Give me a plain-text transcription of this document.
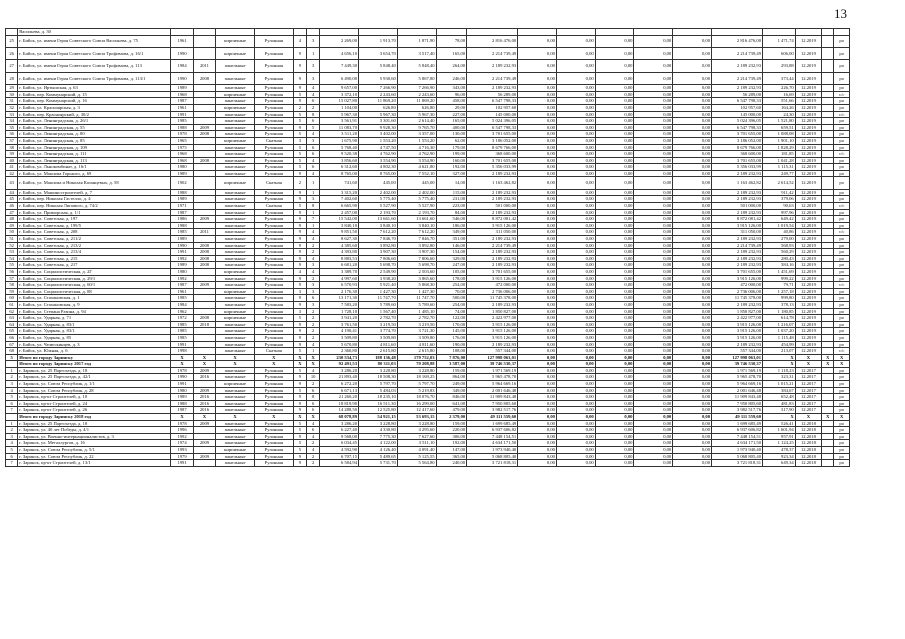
13
	Васильева, д. 30																					
25	г. Бийск, ул. имени Героя Советского Союза Васильева, д. 75	1961		кирпичные	Рулонная	4	3	2 269,00	1 913,70	1 871,90	78,00	2 816 476,00	0,00	0,00	0,00	0,00	0,00	2 816 476,00	1 471,74	12.2019		ро
26	г. Бийск, ул. имени Героя Советского Союза Трофимова, д. 16/1	1990		кирпичные	Рулонная	9	1	4 656,10	3 654,70	3 517,40	165,00	2 214 739,49	0,00	0,00	0,00	0,00	0,00	2 214 739,49	606,00	12.2019		ро
27	г. Бийск, ул. имени Героя Советского Союза Трофимова, д. 113	1984	2011	панельные	Рулонная	9	3	7 449,30	5 848,40	5 848,40	264,00	2 189 232,93	0,00	0,00	0,00	0,00	0,00	2 189 232,93	293,88	12.2019		ро
28	г. Бийск, ул. имени Героя Советского Союза Трофимова, д. 113/1	1990	2008	панельные	Рулонная	9	3	6 490,00	5 930,60	5 867,80	246,00	2 214 739,49	0,00	0,00	0,00	0,00	0,00	2 214 739,49	373,44	12.2019		ро
29	г. Бийск, ул. Иртышская, д. 63	1989		панельные	Рулонная	9	4	9 657,00	7 266,90	7 266,90	343,00	2 189 232,93	0,00	0,00	0,00	0,00	0,00	2 189 232,93	226,70	12.2019		ро
30	г. Бийск, пер. Коммунарский, д. 15	1968		кирпичные	Рулонная	5	4	3 372,10	2 243,60	2 243,60	96,00	56 289,00	0,00	0,00	0,00	0,00	0,00	56 289,00	16,69	12.2019		с/с
31	г. Бийск, пер. Коммунарский, д. 16	1987		панельные	Рулонная	9	6	15 027,80	11 869,20	11 869,20	458,00	6 547 798,33	0,00	0,00	0,00	0,00	0,00	6 547 798,33	551,66	12.2019		ро
32	г. Бийск, ул. Красноярская, д. 3	1961		кирпичные	Рулонная	2	2	1 104,00	626,80	626,80	29,00	102 957,60	0,00	0,00	0,00	0,00	0,00	102 957,60	164,26	12.2019		ро
33	г. Бийск, пер. Красноярский, д. 30/2	1991		панельные	Рулонная	5	8	5 967,30	5 967,30	5 967,30	227,00	145 000,00	0,00	0,00	0,00	0,00	0,00	145 000,00	24,30	12.2019		с/с
34	г. Бийск, ул. Ленинградская, д. 26/1	1985		панельные	Рулонная	5	6	3 561,91	3 301,60	2 614,40	165,00	5 024 396,05	0,00	0,00	0,00	0,00	0,00	5 024 396,05	1 521,80	12.2019		ро
35	г. Бийск, ул. Ленинградская, д. 55	1988	2009	панельные	Рулонная	9	5	11 083,70	9 928,30	9 765,70	400,00	6 547 798,33	0,00	0,00	0,00	0,00	0,00	6 547 798,33	659,51	12.2019		ро
36	г. Бийск, ул. Ленинградская, д. 80	1978	2008	панельные	Рулонная	5	4	3 511,20	3 402,00	3 357,00	130,00	3 701 655,00	0,00	0,00	0,00	0,00	0,00	3 701 655,00	1 088,08	12.2019		ро
37	г. Бийск, ул. Ленинградская, д. 85	1965		кирпичные	Скатная	3	3	1 675,90	1 553,20	1 553,20	62,00	3 186 052,00	0,00	0,00	0,00	0,00	0,00	3 186 052,00	1 901,10	12.2019		ро
38	г. Бийск, ул. Ленинградская, д. 109	1975		панельные	Рулонная	5	6	5 768,40	4 747,50	4 716,30	179,00	8 679 766,00	0,00	0,00	0,00	0,00	0,00	8 679 766,00	1 828,29	12.2019		ро
39	г. Бийск, ул. Ленинградская, д. 111	1968		панельные	Рулонная	5	6	9 520,38	4 762,90	4 762,90	199,00	368 600,00	0,00	0,00	0,00	0,00	0,00	368 600,00	181,85	12.2019		с/с
40	г. Бийск, ул. Ленинградская, д. 113	1968	2008	панельные	Рулонная	5	4	3 856,60	3 554,90	3 554,90	160,00	3 701 655,00	0,00	0,00	0,00	0,00	0,00	3 701 655,00	1 041,28	12.2019		ро
41	г. Бийск, ул. Льнокомбинат, д. 16/1	1980		панельные	Рулонная	5	6	6 312,60	4 802,30	4 621,80	192,00	5 356 033,99	0,00	0,00	0,00	0,00	0,00	5 356 033,99	1 115,31	12.2019		ро
42	г. Бийск, ул. Максима Горького, д. 69	1989		панельные	Рулонная	9	4	8 765,00	8 765,00	7 552,10	327,00	2 189 232,93	0,00	0,00	0,00	0,00	0,00	2 189 232,93	249,77	12.2019		ро
43	г. Бийск, ул. Максима и Николая Казанцевых, д. 58	1902		кирпичные	Скатная	2	1	741,60	445,00	445,00	14,00	1 163 462,82	0,00	0,00	0,00	0,00	0,00	1 163 462,82	2 614,52	12.2019		ро
44	г. Бийск, ул. Машиностроителей, д. 7	1988		панельные	Рулонная	9	1	3 315,20	2 402,00	2 402,00	115,00	2 189 232,93	0,00	0,00	0,00	0,00	0,00	2 189 232,93	911,42	12.2019		ро
45	г. Бийск, пер. Николая Гастелло, д. 4	1989		панельные	Рулонная	9	3	7 402,60	5 775,40	5 775,40	231,00	2 189 232,93	0,00	0,00	0,00	0,00	0,00	2 189 232,93	379,06	12.2019		ро
46	г. Бийск, пер. Николая Липового, д. 74/2	1971		панельные	Скатная	5	8	6 665,90	5 527,90	5 527,90	223,00	501 000,00	0,00	0,00	0,00	0,00	0,00	501 000,00	90,63	12.2019		с/с
47	г. Бийск, ул. Приморская, д. 1/1	1987		панельные	Рулонная	9	1	2 457,00	2 193,70	2 193,70	84,00	2 189 232,93	0,00	0,00	0,00	0,00	0,00	2 189 232,93	997,96	12.2019		ро
48	г. Бийск, ул. Советская, д. 197	1986	2009	панельные	Рулонная	9	7	15 542,00	13 661,60	13 661,60	546,00	8 872 081,42	0,00	0,00	0,00	0,00	0,00	8 872 081,42	649,42	12.2019		ро
49	г. Бийск, ул. Советская, д. 199/5	1988		панельные	Рулонная	9	1	3 840,10	3 840,10	3 840,10	186,00	3 915 126,00	0,00	0,00	0,00	0,00	0,00	3 915 126,00	1 019,54	12.2019		ро
50	г. Бийск, ул. Советская, д. 208	1985	2011	панельные	Рулонная	9	4	9 851,50	7 612,20	7 612,20	349,00	311 050,00	0,00	0,00	0,00	0,00	0,00	311 050,00	40,86	12.2019		с/с
51	г. Бийск, ул. Советская, д. 211/2	1989		панельные	Рулонная	9	4	8 627,30	7 846,70	7 846,70	351,00	2 189 232,93	0,00	0,00	0,00	0,00	0,00	2 189 232,93	279,00	12.2019		ро
52	г. Бийск, ул. Советская, д. 213/2	1990	2008	панельные	Рулонная	9	2	4 385,60	3 892,80	3 892,80	146,00	2 214 739,49	0,00	0,00	0,00	0,00	0,00	2 214 739,49	568,93	12.2019		ро
53	г. Бийск, ул. Советская, д. 213/4	1991	2008	панельные	Рулонная	9	2	4 393,80	3 907,30	3 907,30	154,00	2 189 232,93	0,00	0,00	0,00	0,00	0,00	2 189 232,93	560,29	12.2019		ро
54	г. Бийск, ул. Советская, д. 215	1992	2008	панельные	Рулонная	9	4	8 883,53	7 806,60	7 806,60	329,00	2 189 232,93	0,00	0,00	0,00	0,00	0,00	2 189 232,93	280,43	12.2019		ро
55	г. Бийск, ул. Советская, д. 217	1989	2008	панельные	Рулонная	9	3	6 681,20	5 698,70	5 698,70	247,00	2 189 232,93	0,00	0,00	0,00	0,00	0,00	2 189 232,93	384,16	12.2019		ро
56	г. Бийск, ул. Социалистическая, д. 2Г	1980		кирпичные	Рулонная	4	4	3 389,70	2 549,90	2 503,60	105,00	3 701 655,00	0,00	0,00	0,00	0,00	0,00	3 701 655,00	1 451,69	12.2019		ро
57	г. Бийск, ул. Социалистическая, д. 29/1	1992		панельные	Рулонная	9	2	4 997,60	3 938,20	3 865,60	178,00	3 915 126,00	0,00	0,00	0,00	0,00	0,00	3 915 126,00	999,22	12.2019		ро
58	г. Бийск, ул. Социалистическая, д. 60/1	1987	2009	панельные	Рулонная	9	3	6 570,93	5 921,40	5 868,30	254,00	472 000,00	0,00	0,00	0,00	0,00	0,00	472 000,00	79,71	12.2019		с/с
59	г. Бийск, ул. Социалистическая, д. 88	1961		кирпичные	Рулонная	3	3	2 176,30	1 427,30	1 427,30	70,00	2 736 006,00	0,00	0,00	0,00	0,00	0,00	2 736 006,00	1 257,18	12.2019		ро
60	г. Бийск, ул. Стахановская, д. 1	1985		панельные	Рулонная	9	6	13 171,30	11 747,70	11 747,70	500,00	11 745 378,00	0,00	0,00	0,00	0,00	0,00	11 745 378,00	999,80	12.2019		ро
61	г. Бийск, ул. Стахановская, д. 9	1984		панельные	Рулонная	9	3	7 583,20	5 789,60	5 789,60	254,00	2 189 232,93	0,00	0,00	0,00	0,00	0,00	2 189 232,93	378,13	12.2019		ро
62	г. Бийск, ул. Степана Разина, д. 94	1962		кирпичные	Рулонная	3	2	1 728,10	1 567,40	1 485,10	74,00	1 850 827,00	0,00	0,00	0,00	0,00	0,00	1 850 827,00	1 180,85	12.2019		ро
63	г. Бийск, ул. Ударная, д. 71	1972	2008	кирпичные	Рулонная	5	2	3 941,20	2 782,70	2 782,70	122,00	2 422 977,00	0,00	0,00	0,00	0,00	0,00	2 422 977,00	614,78	12.2019		ро
64	г. Бийск, ул. Ударная, д. 83/1	1985	2018	панельные	Рулонная	9	2	3 761,50	3 219,50	3 219,50	170,00	3 915 126,00	0,00	0,00	0,00	0,00	0,00	3 915 126,00	1 216,07	12.2019		ро
65	г. Бийск, ул. Ударная, д. 83/1	1985		панельные	Рулонная	9	2	4 190,41	3 774,70	3 721,30	145,00	3 915 126,00	0,00	0,00	0,00	0,00	0,00	3 915 126,00	1 037,20	12.2019		ро
66	г. Бийск, ул. Ударная, д. 85	1985		панельные	Рулонная	9	2	3 509,80	3 509,80	3 509,80	176,00	3 915 126,00	0,00	0,00	0,00	0,00	0,00	3 915 126,00	1 115,48	12.2019		ро
67	г. Бийск, ул. Челюскинцев, д. 3	1991		панельные	Рулонная	9	4	5 670,80	4 811,60	4 811,60	190,00	2 189 232,93	0,00	0,00	0,00	0,00	0,00	2 189 232,93	454,99	12.2019		ро
68	г. Бийск, ул. Южная, д. 6	1998		панельные	Скатная	5	1	2 360,80	2 615,80	2 615,80	108,00	557 344,00	0,00	0,00	0,00	0,00	0,00	557 344,00	213,07	12.2019		с/с
5	Итого по городу Заринску	X	X	X	X	X	X	230 534,73	188 136,48	179 752,03	7 876,00	127 998 063,01	0,00	0,00	0,00	0,00	0,00	127 998 063,01	X	X	X	X
	Итого по городу Заринску 2017 год	X	X	X	X	X	X	92 491,53	80 311,03	79 208,88	3 587,00	39 746 530,37	0,00	0,00	0,00	0,00	0,00	39 746 530,37	X	X	X	X
1	г. Заринск, ул. 25 Партсъезда, д. 18	1978	2009	панельные	Рулонная	5	4	3 286,20	3 228,80	3 228,80	159,00	1 971 569,19	0,00	0,00	0,00	0,00	0,00	1 971 569,19	1 118,23	12.2017		ро
2	г. Заринск, ул. 25 Партсъезда, д. 42/1	1990	2016	панельные	Рулонная	9	10	21 893,40	18 508,30	18 169,25	864,00	5 965 478,70	0,00	0,00	0,00	0,00	0,00	5 965 478,70	323,31	12.2017		ро
3	г. Заринск, ул. Союза Республик, д. 1/1	1991		кирпичные	Рулонная	9	2	6 272,20	5 797,70	5 797,70	249,00	5 964 669,16	0,00	0,00	0,00	0,00	0,00	5 964 669,16	1 015,21	12.2017		ро
4	г. Заринск, ул. Союза Республик, д. 28	1980	2009	панельные	Рулонная	5	6	6 671,13	5 484,03	5 219,83	349,00	2 001 646,48	0,00	0,00	0,00	0,00	0,00	2 001 646,48	384,67	12.2017		ро
5	г. Заринск, пр-кт Строителей, д. 10	1989	2016	панельные	Рулонная	9	8	21 260,20	18 235,10	18 076,70	846,00	11 909 843,48	0,00	0,00	0,00	0,00	0,00	11 909 843,48	652,48	12.2017		ро
6	г. Заринск, пр-кт Строителей, д. 24	1988	2016	панельные	Рулонная	9	6	18 819,90	16 511,30	16 299,00	641,00	7 950 805,60	0,00	0,00	0,00	0,00	0,00	7 950 805,60	481,83	12.2017		ро
7	г. Заринск, пр-кт Строителей, д. 26	1987	2016	панельные	Рулонная	9	6	14 288,50	12 525,80	12 417,60	479,00	3 982 517,76	0,00	0,00	0,00	0,00	0,00	3 982 517,76	317,90	12.2017		ро
	Итого по городу Заринску 2018 год	X	X	X	X	X	X	68 078,89	54 921,15	53 693,15	2 379,00	49 111 559,60	0,00	0,00	0,00	0,00	0,00	49 111 559,60	X	X	X	X
1	г. Заринск, ул. 25 Партсъезда, д. 18	1978	2009	панельные	Рулонная	5	4	3 286,20	3 228,80	3 228,80	159,00	1 699 685,49	0,00	0,00	0,00	0,00	0,00	1 699 685,49	526,41	12.2018		ро
2	г. Заринск, ул. 40 лет Победы, д. 4/1	1996		панельные	Рулонная	5	6	6 227,40	4 330,80	4 295,60	220,00	6 937 606,82	0,00	0,00	0,00	0,00	0,00	6 937 606,82	1 601,94	12.2018		ро
3	г. Заринск, ул. Военно-интернационалистов, д. 3	1992		панельные	Рулонная	9	4	9 568,00	7 775,30	7 627,60	306,00	7 448 154,51	0,00	0,00	0,00	0,00	0,00	7 448 154,51	957,91	12.2018		ро
4	г. Заринск, ул. Металлургов, д. 16	1974	2009	панельные	Рулонная	5	2	6 034,45	4 122,00	3 511,10	192,00	4 634 171,50	0,00	0,00	0,00	0,00	0,00	4 634 171,50	1 124,25	12.2018		ро
5	г. Заринск, ул. Союза Республик, д. 5/1	1993		кирпичные	Рулонная	5	4	4 592,90	4 126,40	4 091,40	147,00	1 973 940,40	0,00	0,00	0,00	0,00	0,00	1 973 940,40	478,37	12.2018		ро
6	г. Заринск, ул. Союза Республик, д. 22	1979	2009	панельные	Рулонная	9	2	6 707,15	5 489,65	5 125,55	365,00	5 068 805,40	0,00	0,00	0,00	0,00	0,00	5 068 805,40	923,34	12.2018		ро
7	г. Заринск, пр-кт Строителей, д. 13/1	1991		панельные	Рулонная	9	2	6 584,94	5 731,70	5 564,80	240,00	3 721 818,31	0,00	0,00	0,00	0,00	0,00	3 721 818,31	649,34	12.2018		ро
